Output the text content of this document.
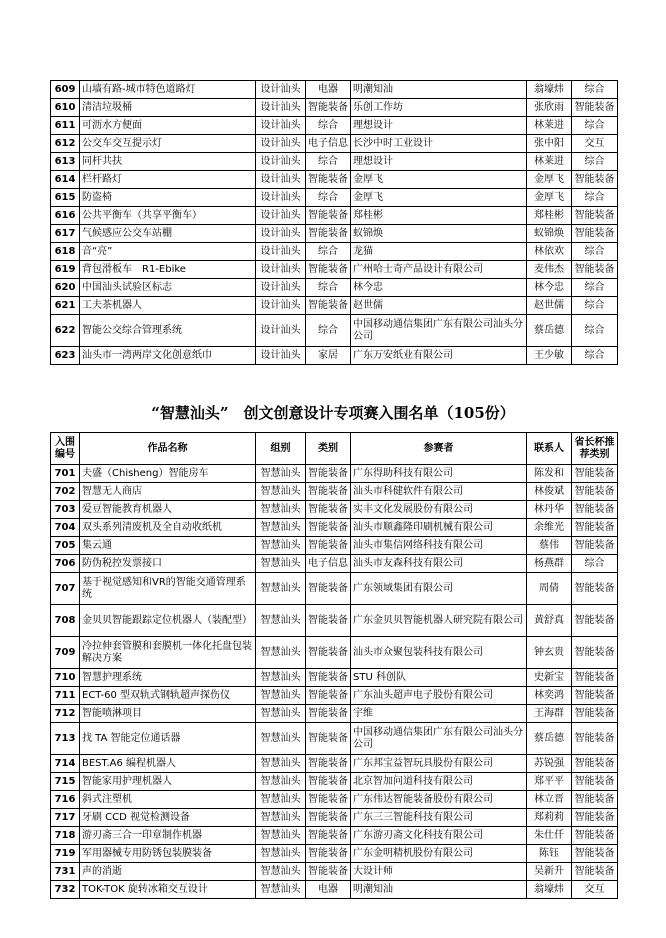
609	山墙有路-城市特色道路灯	设计汕头	电器	明潮知汕	翁壕炜	综合
610	清洁垃圾桶	设计汕头	智能装备	乐创工作坊	张欣雨	智能装备
611	可沥水方便面	设计汕头	综合	理想设计	林莱进	综合
612	公交车交互提示灯	设计汕头	电子信息	长沙中时工业设计	张中阳	交互
613	同杆共扶	设计汕头	综合	理想设计	林莱进	综合
614	栏杆路灯	设计汕头	智能装备	金厚飞	金厚飞	智能装备
615	防盗椅	设计汕头	综合	金厚飞	金厚飞	综合
616	公共平衡车（共享平衡车）	设计汕头	智能装备	郑桂彬	郑桂彬	智能装备
617	气候感应公交车站棚	设计汕头	智能装备	蚁锦焕	蚁锦焕	智能装备
618	音“亮”	设计汕头	综合	龙猫	林依欢	综合
619	背包滑板车　R1-Ebike	设计汕头	智能装备	广州哈士奇产品设计有限公司	麦伟杰	智能装备
620	中国汕头试验区标志	设计汕头	综合	林今忠	林今忠	综合
621	工夫茶机器人	设计汕头	智能装备	赵世儒	赵世儒	综合
622	智能公交综合管理系统	设计汕头	综合	中国移动通信集团广东有限公司汕头分公司	蔡岳德	综合
623	汕头市一湾两岸文化创意纸巾	设计汕头	家居	广东万安纸业有限公司	王少敏	综合
“智慧汕头”　创文创意设计专项赛入围名单（105份）
入围编号	作品名称	组别	类别	参赛者	联系人	省长杯推荐类别
701	夫盛（Chisheng）智能房车	智慧汕头	智能装备	广东得助科技有限公司	陈发和	智能装备
702	智慧无人商店	智慧汕头	智能装备	汕头市科健软件有限公司	林俊斌	智能装备
703	爱豆智能教育机器人	智慧汕头	智能装备	实丰文化发展股份有限公司	林丹华	智能装备
704	双头系列清废机及全自动收纸机	智慧汕头	智能装备	汕头市顺鑫隆印刷机械有限公司	余维光	智能装备
705	集云通	智慧汕头	智能装备	汕头市集信网络科技有限公司	蔡伟	智能装备
706	防伪税控发票接口	智慧汕头	电子信息	汕头市友森科技有限公司	杨燕群	综合
707	基于视觉感知和VR的智能交通管理系统	智慧汕头	智能装备	广东领域集团有限公司	周倩	智能装备
708	金贝贝智能跟踪定位机器人（装配型）	智慧汕头	智能装备	广东金贝贝智能机器人研究院有限公司	黄舒真	智能装备
709	冷拉伸套管膜和套膜机一体化托盘包装解决方案	智慧汕头	智能装备	汕头市众聚包装科技有限公司	钟玄贵	智能装备
710	智慧护理系统	智慧汕头	智能装备	STU 科创队	史新宝	智能装备
711	ECT-60 型双轨式钢轨超声探伤仪	智慧汕头	智能装备	广东汕头超声电子股份有限公司	林奕鸿	智能装备
712	智能喷淋项目	智慧汕头	智能装备	宇维	王海群	智能装备
713	找 TA 智能定位通话器	智慧汕头	智能装备	中国移动通信集团广东有限公司汕头分公司	蔡岳德	智能装备
714	BEST.A6 编程机器人	智慧汕头	智能装备	广东邦宝益智玩具股份有限公司	苏锐强	智能装备
715	智能家用护理机器人	智慧汕头	智能装备	北京智加问道科技有限公司	郑平平	智能装备
716	斜式注塑机	智慧汕头	智能装备	广东伟达智能装备股份有限公司	林立晋	智能装备
717	牙刷 CCD 视觉检测设备	智慧汕头	智能装备	广东三三智能科技有限公司	郑莉莉	智能装备
718	游刃斋三合一印章制作机器	智慧汕头	智能装备	广东游刃斋文化科技有限公司	朱仕仟	智能装备
719	军用器械专用防锈包装膜装备	智慧汕头	智能装备	广东金明精机股份有限公司	陈钰	智能装备
731	声的消逝	智慧汕头	智能装备	大设计师	吴新升	智能装备
732	TOK-TOK 旋转冰箱交互设计	智慧汕头	电器	明潮知汕	翁壕炜	交互
